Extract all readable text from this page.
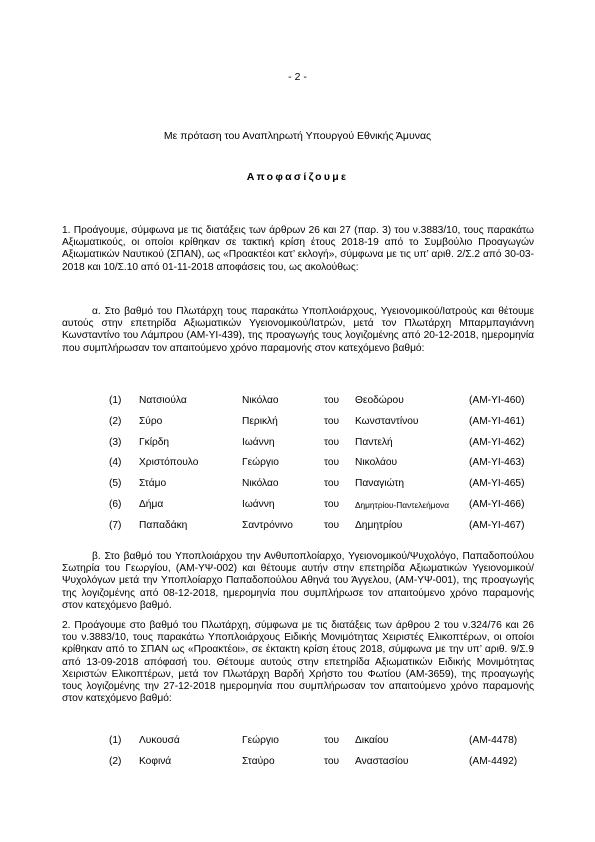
- 2 -
Με πρόταση του Αναπληρωτή Υπουργού Εθνικής Άμυνας
Αποφασίζουμε
1. Προάγουμε, σύμφωνα με τις διατάξεις των άρθρων 26 και 27 (παρ. 3) του ν.3883/10, τους παρακάτω Αξιωματικούς, οι οποίοι κρίθηκαν σε τακτική κρίση έτους 2018-19 από το Συμβούλιο Προαγωγών Αξιωματικών Ναυτικού (ΣΠΑΝ), ως «Προακτέοι κατ’ εκλογή», σύμφωνα με τις υπ’ αριθ. 2/Σ.2 από 30-03-2018 και 10/Σ.10 από 01-11-2018 αποφάσεις του, ως ακολούθως:
α. Στο βαθμό του Πλωτάρχη τους παρακάτω Υποπλοιάρχους, Υγειονομικού/Ιατρούς και θέτουμε αυτούς στην επετηρίδα Αξιωματικών Υγειονομικού/Ιατρών, μετά τον Πλωτάρχη Μπαρμπαγιάννη Κωνσταντίνο του Λάμπρου (ΑΜ-ΥΙ-439), της προαγωγής τους λογιζομένης από 20-12-2018, ημερομηνία που συμπλήρωσαν τον απαιτούμενο χρόνο παραμονής στον κατεχόμενο βαθμό:
(1) Νατσιούλα	Νικόλαο	του Θεοδώρου	(ΑΜ-ΥΙ-460)
(2) Σύρο	Περικλή	του Κωνσταντίνου	(ΑΜ-ΥΙ-461)
(3) Γκίρδη	Ιωάννη	του Παντελή	(ΑΜ-ΥΙ-462)
(4) Χριστόπουλο	Γεώργιο	του Νικολάου	(ΑΜ-ΥΙ-463)
(5) Στάμο	Νικόλαο	του Παναγιώτη	(ΑΜ-ΥΙ-465)
(6) Δήμα	Ιωάννη	του Δημητρίου-Παντελεήμονα (ΑΜ-ΥΙ-466)
(7) Παπαδάκη	Σαντρόνινο	του Δημητρίου	(ΑΜ-ΥΙ-467)
β. Στο βαθμό του Υποπλοιάρχου την Ανθυποπλοίαρχο, Υγειονομικού/Ψυχολόγο, Παπαδοπούλου Σωτηρία του Γεωργίου, (ΑΜ-ΥΨ-002) και θέτουμε αυτήν στην επετηρίδα Αξιωματικών Υγειονομικού/Ψυχολόγων μετά την Υποπλοίαρχο Παπαδοπούλου Αθηνά του Άγγελου, (ΑΜ-ΥΨ-001), της προαγωγής της λογιζομένης από 08-12-2018, ημερομηνία που συμπλήρωσε τον απαιτούμενο χρόνο παραμονής στον κατεχόμενο βαθμό.
2. Προάγουμε στο βαθμό του Πλωτάρχη, σύμφωνα με τις διατάξεις των άρθρου 2 του ν.324/76 και 26 του ν.3883/10, τους παρακάτω Υποπλοιάρχους Ειδικής Μονιμότητας Χειριστές Ελικοπτέρων, οι οποίοι κρίθηκαν από το ΣΠΑΝ ως «Προακτέοι», σε έκτακτη κρίση έτους 2018, σύμφωνα με την υπ’ αριθ. 9/Σ.9 από 13-09-2018 απόφασή του. Θέτουμε αυτούς στην επετηρίδα Αξιωματικών Ειδικής Μονιμότητας Χειριστών Ελικοπτέρων, μετά τον Πλωτάρχη Βαρδή Χρήστο του Φωτίου (ΑΜ-3659), της προαγωγής τους λογιζομένης την 27-12-2018 ημερομηνία που συμπλήρωσαν τον απαιτούμενο χρόνο παραμονής στον κατεχόμενο βαθμό:
(1) Λυκουσά	Γεώργιο	του Δικαίου	(ΑΜ-4478)
(2) Κοφινά	Σταύρο	του Αναστασίου	(ΑΜ-4492)
